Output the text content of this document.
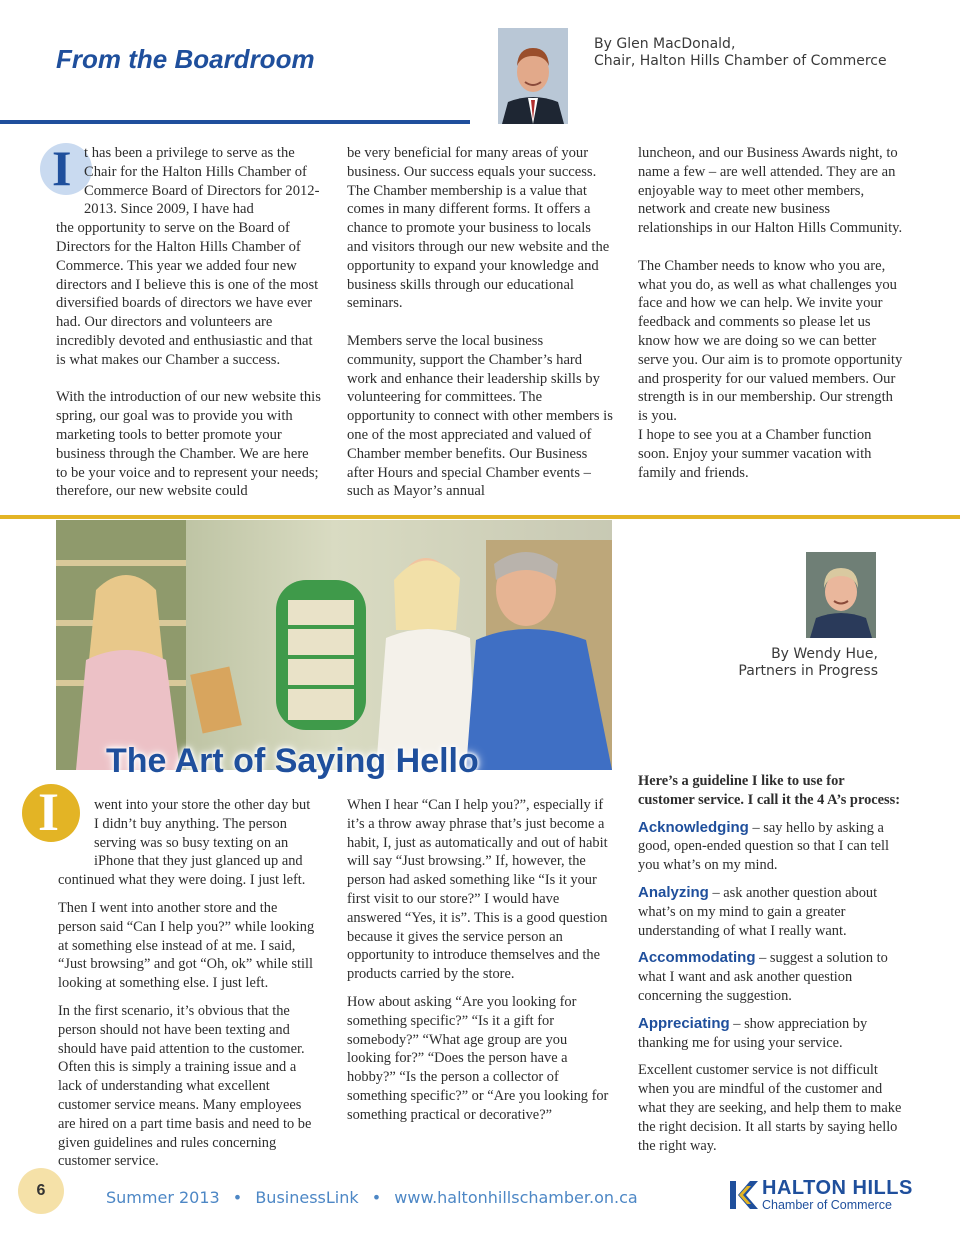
From the Boardroom	By Glen MacDonald,
Chair, Halton Hills Chamber of Commerce
I t has been a privilege to serve as the Chair for the Halton Hills Chamber of Commerce Board of Directors for 2012-2013. Since 2009, I have had

the opportunity to serve on the Board of Directors for the Halton Hills Chamber of Commerce. This year we added four new directors and I believe this is one of the most diversified boards of directors we have ever had. Our directors and volunteers are incredibly devoted and enthusiastic and that is what makes our Chamber a success.

With the introduction of our new website this spring, our goal was to provide you with marketing tools to better promote your business through the Chamber. We are here to be your voice and to represent your needs; therefore, our new website could

be very beneficial for many areas of your business. Our success equals your success. The Chamber membership is a value that comes in many different forms. It offers a chance to promote your business to locals and visitors through our new website and the opportunity to expand your knowledge and business skills through our educational seminars.

Members serve the local business community, support the Chamber’s hard work and enhance their leadership skills by volunteering for committees. The opportunity to connect with other members is one of the most appreciated and valued of Chamber member benefits. Our Business after Hours and special Chamber events – such as Mayor’s annual

luncheon, and our Business Awards night, to name a few – are well attended. They are an enjoyable way to meet other members, network and create new business relationships in our Halton Hills Community.

The Chamber needs to know who you are, what you do, as well as what challenges you face and how we can help. We invite your feedback and comments so please let us know how we are doing so we can better serve you. Our aim is to promote opportunity and prosperity for our valued members. Our strength is in our membership. Our strength is you.

I hope to see you at a Chamber function soon. Enjoy your summer vacation with family and friends.

The Art of Saying Hello
By Wendy Hue,
Partners in Progress
I	went into your store the other day but I didn’t buy anything. The person serving was so busy texting on an iPhone that they just glanced up and

continued what they were doing. I just left.

Then I went into another store and the person said “Can I help you?” while looking at something else instead of at me. I said, “Just browsing” and got “Oh, ok” while still looking at something else. I just left.

In the first scenario, it’s obvious that the person should not have been texting and should have paid attention to the customer. Often this is simply a training issue and a lack of understanding what excellent customer service means. Many employees are hired on a part time basis and need to be given guidelines and rules concerning customer service.

When I hear “Can I help you?”, especially if it’s a throw away phrase that’s just become a habit, I, just as automatically and out of habit will say “Just browsing.” If, however, the person had asked something like “Is it your first visit to our store?” I would have answered “Yes, it is”. This is a good question because it gives the service person an opportunity to introduce themselves and the products carried by the store.

How about asking “Are you looking for something specific?” “Is it a gift for somebody?” “What age group are you looking for?” “Does the person have a hobby?” “Is the person a collector of something specific?” or “Are you looking for something practical or decorative?”

Here’s a guideline I like to use for customer service. I call it the 4 A’s process:

Acknowledging – say hello by asking a good, open-ended question so that I can tell you what’s on my mind.

Analyzing – ask another question about what’s on my mind to gain a greater understanding of what I really want.

Accommodating – suggest a solution to what I want and ask another question concerning the suggestion.

Appreciating – show appreciation by thanking me for using your service.

Excellent customer service is not difficult when you are mindful of the customer and what they are seeking, and help them to make the right decision. It all starts by saying hello the right way.

6	Summer 2013 • BusinessLink • www.haltonhillschamber.on.ca	HALTON HILLS
Chamber of Commerce
